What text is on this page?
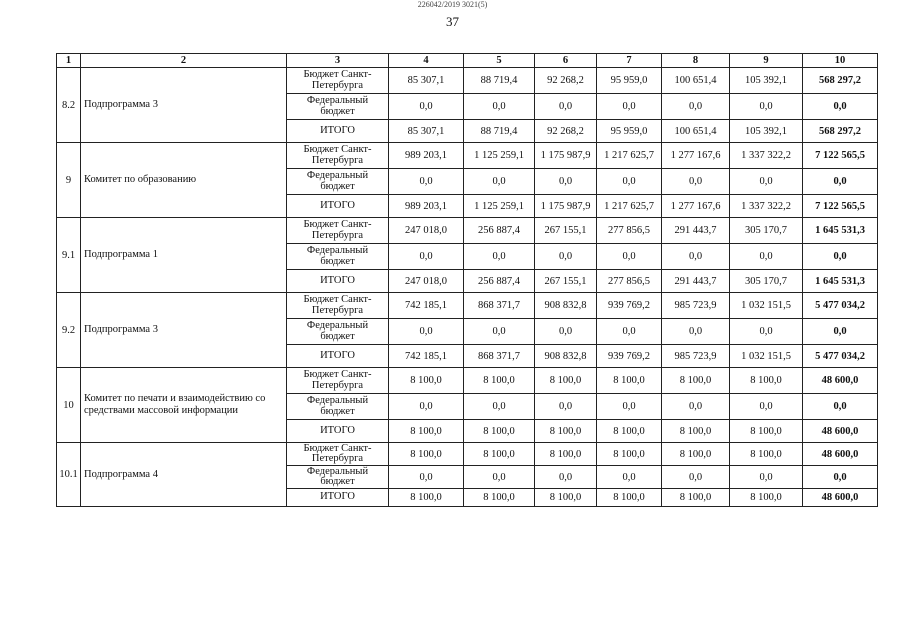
226042/2019 3021(5)
37
1	2	3	4	5	6	7	8	9	10
8.2	Подпрограмма 3	Бюджет Санкт-Петербурга	85 307,1	88 719,4	92 268,2	95 959,0	100 651,4	105 392,1	568 297,2
		Федеральный бюджет	0,0	0,0	0,0	0,0	0,0	0,0	0,0
		ИТОГО	85 307,1	88 719,4	92 268,2	95 959,0	100 651,4	105 392,1	568 297,2
9	Комитет по образованию	Бюджет Санкт-Петербурга	989 203,1	1 125 259,1	1 175 987,9	1 217 625,7	1 277 167,6	1 337 322,2	7 122 565,5
		Федеральный бюджет	0,0	0,0	0,0	0,0	0,0	0,0	0,0
		ИТОГО	989 203,1	1 125 259,1	1 175 987,9	1 217 625,7	1 277 167,6	1 337 322,2	7 122 565,5
9.1	Подпрограмма 1	Бюджет Санкт-Петербурга	247 018,0	256 887,4	267 155,1	277 856,5	291 443,7	305 170,7	1 645 531,3
		Федеральный бюджет	0,0	0,0	0,0	0,0	0,0	0,0	0,0
		ИТОГО	247 018,0	256 887,4	267 155,1	277 856,5	291 443,7	305 170,7	1 645 531,3
9.2	Подпрограмма 3	Бюджет Санкт-Петербурга	742 185,1	868 371,7	908 832,8	939 769,2	985 723,9	1 032 151,5	5 477 034,2
		Федеральный бюджет	0,0	0,0	0,0	0,0	0,0	0,0	0,0
		ИТОГО	742 185,1	868 371,7	908 832,8	939 769,2	985 723,9	1 032 151,5	5 477 034,2
10	Комитет по печати и взаимодействию со средствами массовой информации	Бюджет Санкт-Петербурга	8 100,0	8 100,0	8 100,0	8 100,0	8 100,0	8 100,0	48 600,0
		Федеральный бюджет	0,0	0,0	0,0	0,0	0,0	0,0	0,0
		ИТОГО	8 100,0	8 100,0	8 100,0	8 100,0	8 100,0	8 100,0	48 600,0
10.1	Подпрограмма 4	Бюджет Санкт-Петербурга	8 100,0	8 100,0	8 100,0	8 100,0	8 100,0	8 100,0	48 600,0
		Федеральный бюджет	0,0	0,0	0,0	0,0	0,0	0,0	0,0
		ИТОГО	8 100,0	8 100,0	8 100,0	8 100,0	8 100,0	8 100,0	48 600,0
